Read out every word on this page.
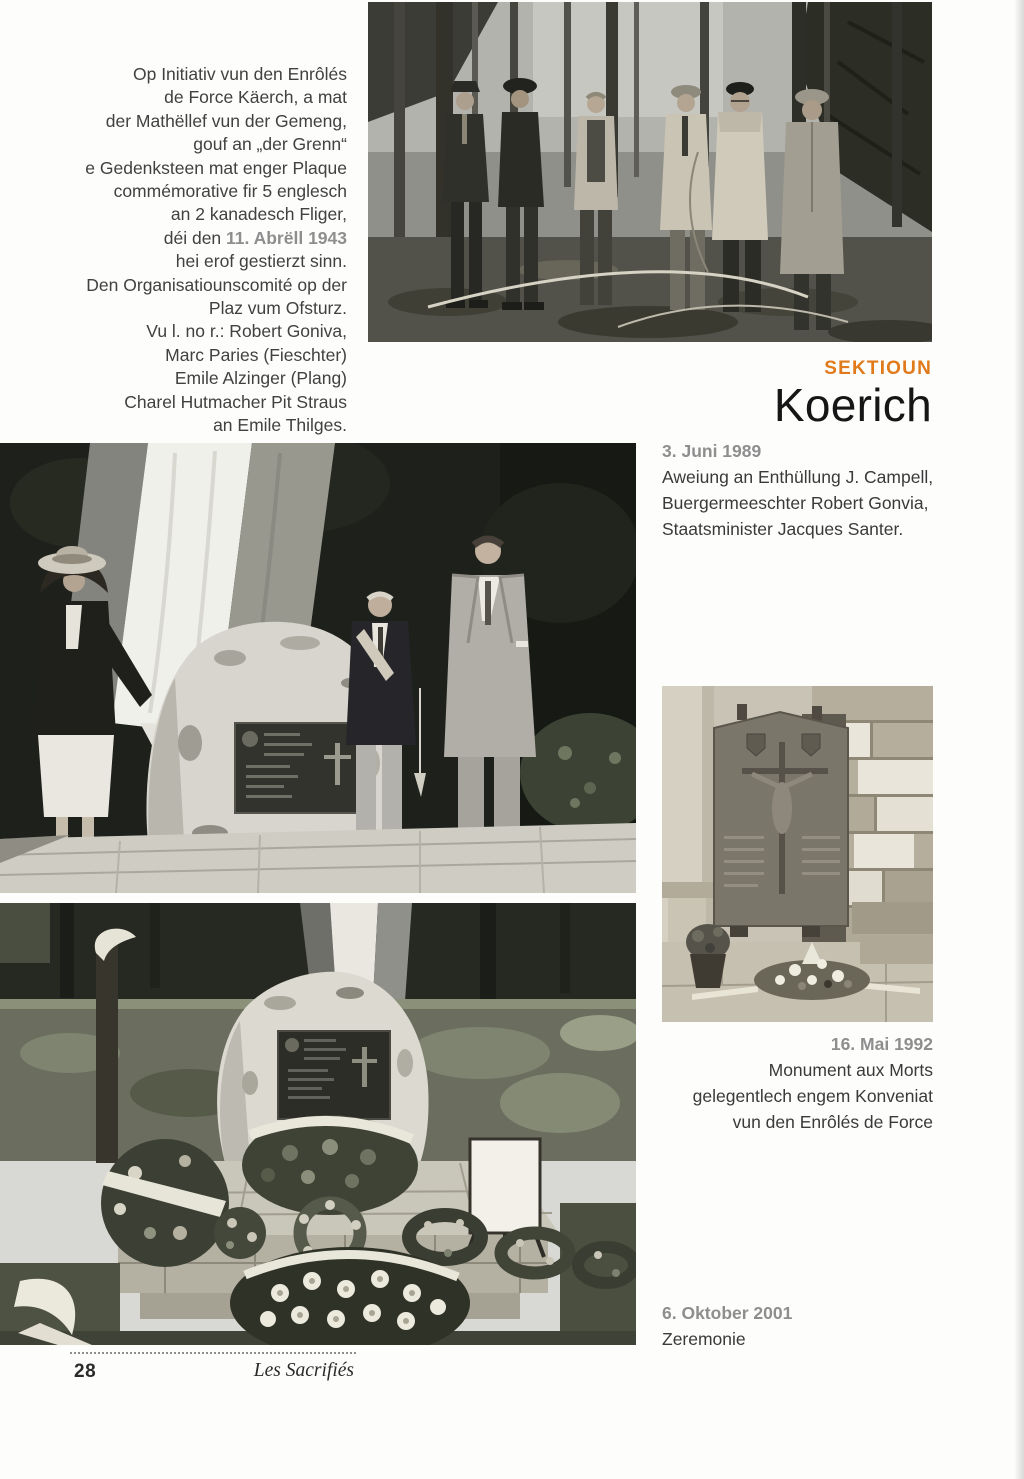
Op Initiativ vun den Enrôlés
de Force Käerch, a mat
der Mathëllef vun der Gemeng,
gouf an „der Grenn“
e Gedenksteen mat enger Plaque
commémorative fir 5 englesch
an 2 kanadesch Fliger,
déi den 11. Abrëll 1943
hei erof gestierzt sinn.
Den Organisatiounscomité op der
Plaz vum Ofsturz.
Vu l. no r.: Robert Goniva,
Marc Paries (Fieschter)
Emile Alzinger (Plang)
Charel Hutmacher Pit Straus
an Emile Thilges.
SEKTIOUN
Koerich
3. Juni 1989
Aweiung an Enthüllung J. Campell,
Buergermeeschter Robert Gonvia,
Staatsminister Jacques Santer.
16. Mai 1992
Monument aux Morts
gelegentlech engem Konveniat
vun den Enrôlés de Force
6. Oktober 2001
Zeremonie
28	Les Sacrifiés
